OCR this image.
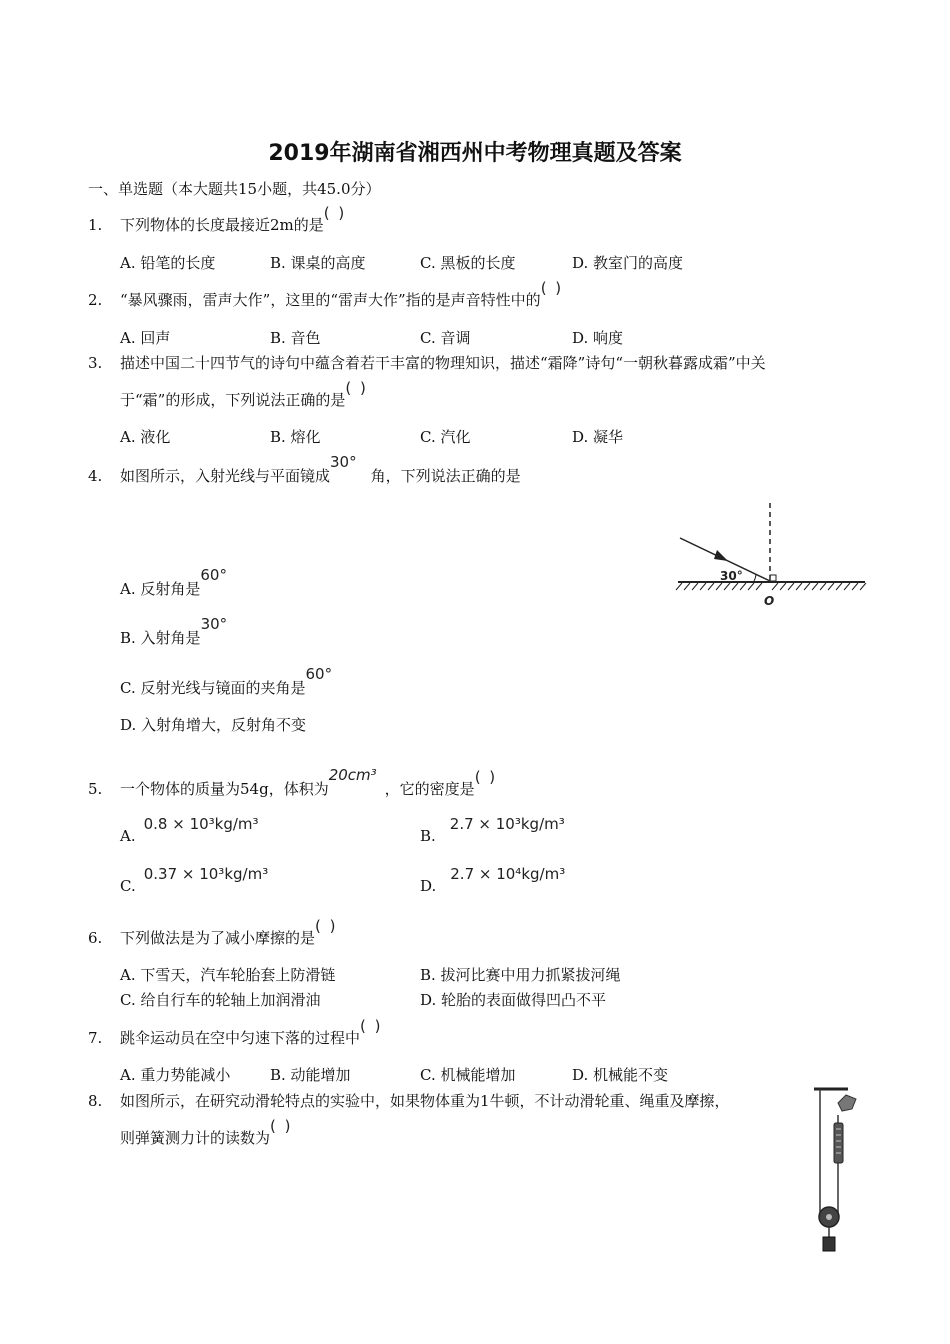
2019年湖南省湘西州中考物理真题及答案
一、单选题（本大题共15小题，共45.0分）
1. 下列物体的长度最接近2m的是( )
A. 铅笔的长度	B. 课桌的高度	C. 黑板的长度	D. 教室门的高度
2. “暴风骤雨，雷声大作”，这里的“雷声大作”指的是声音特性中的( )
A. 回声	B. 音色	C. 音调	D. 响度
3. 描述中国二十四节气的诗句中蕴含着若干丰富的物理知识，描述“霜降”诗句“一朝秋暮露成霜”中关
于“霜”的形成，下列说法正确的是( )
A. 液化	B. 熔化	C. 汽化	D. 凝华
4. 如图所示，入射光线与平面镜成30°角，下列说法正确的是
A. 反射角是60°
B. 入射角是30°
C. 反射光线与镜面的夹角是60°
D. 入射角增大，反射角不变
30°
O
5. 一个物体的质量为54g，体积为20cm³，它的密度是( )
A.0.8 × 10³kg/m³
B.2.7 × 10³kg/m³
C.0.37 × 10³kg/m³
D.2.7 × 10⁴kg/m³
6. 下列做法是为了减小摩擦的是( )
A. 下雪天，汽车轮胎套上防滑链	B. 拔河比赛中用力抓紧拔河绳
C. 给自行车的轮轴上加润滑油	D. 轮胎的表面做得凹凸不平
7. 跳伞运动员在空中匀速下落的过程中( )
A. 重力势能减小	B. 动能增加	C. 机械能增加	D. 机械能不变
8. 如图所示，在研究动滑轮特点的实验中，如果物体重为1牛顿，不计动滑轮重、绳重及摩擦，
则弹簧测力计的读数为( )
